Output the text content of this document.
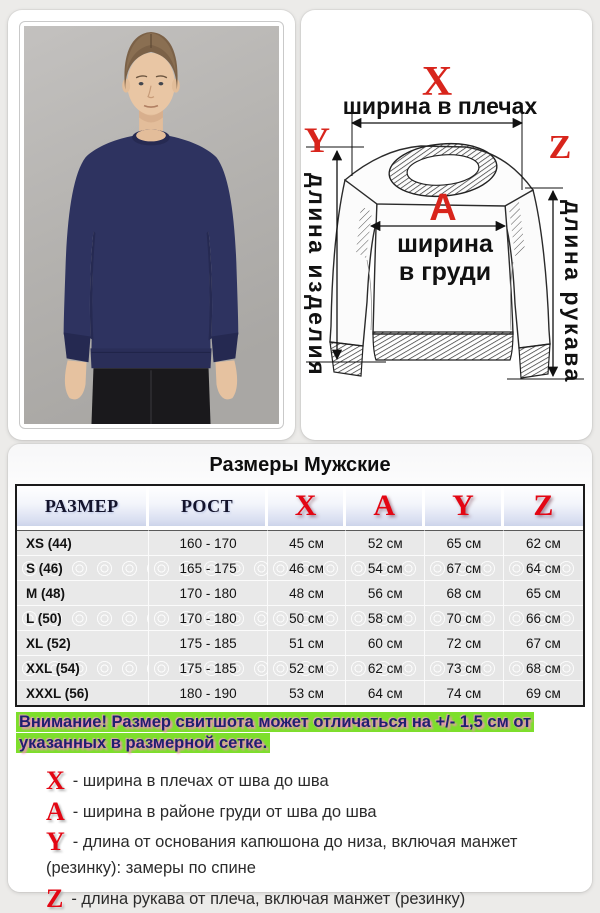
X
ширина в плечах
А
ширина
в груди
Y
длина изделия
Z
длина рукава
Размеры Мужские
РАЗМЕР	РОСТ	X	A	Y	Z
XS (44)	160 - 170	45 см	52 см	65 см	62 см
S (46)	165 - 175	46 см	54 см	67 см	64 см
M (48)	170 - 180	48 см	56 см	68 см	65 см
L (50)	170 - 180	50 см	58 см	70 см	66 см
XL (52)	175 - 185	51 см	60 см	72 см	67 см
XXL (54)	175 - 185	52 см	62 см	73 см	68 см
XXXL (56)	180 - 190	53 см	64 см	74 см	69 см
Внимание! Размер свитшота может отличаться на +/- 1,5 см от указанных в размерной сетке.
X - ширина в плечах от шва до шва
A - ширина в районе груди от шва до шва
Y - длина от основания капюшона до низа, включая манжет (резинку): замеры по спине
Z - длина рукава от плеча, включая манжет (резинку)
